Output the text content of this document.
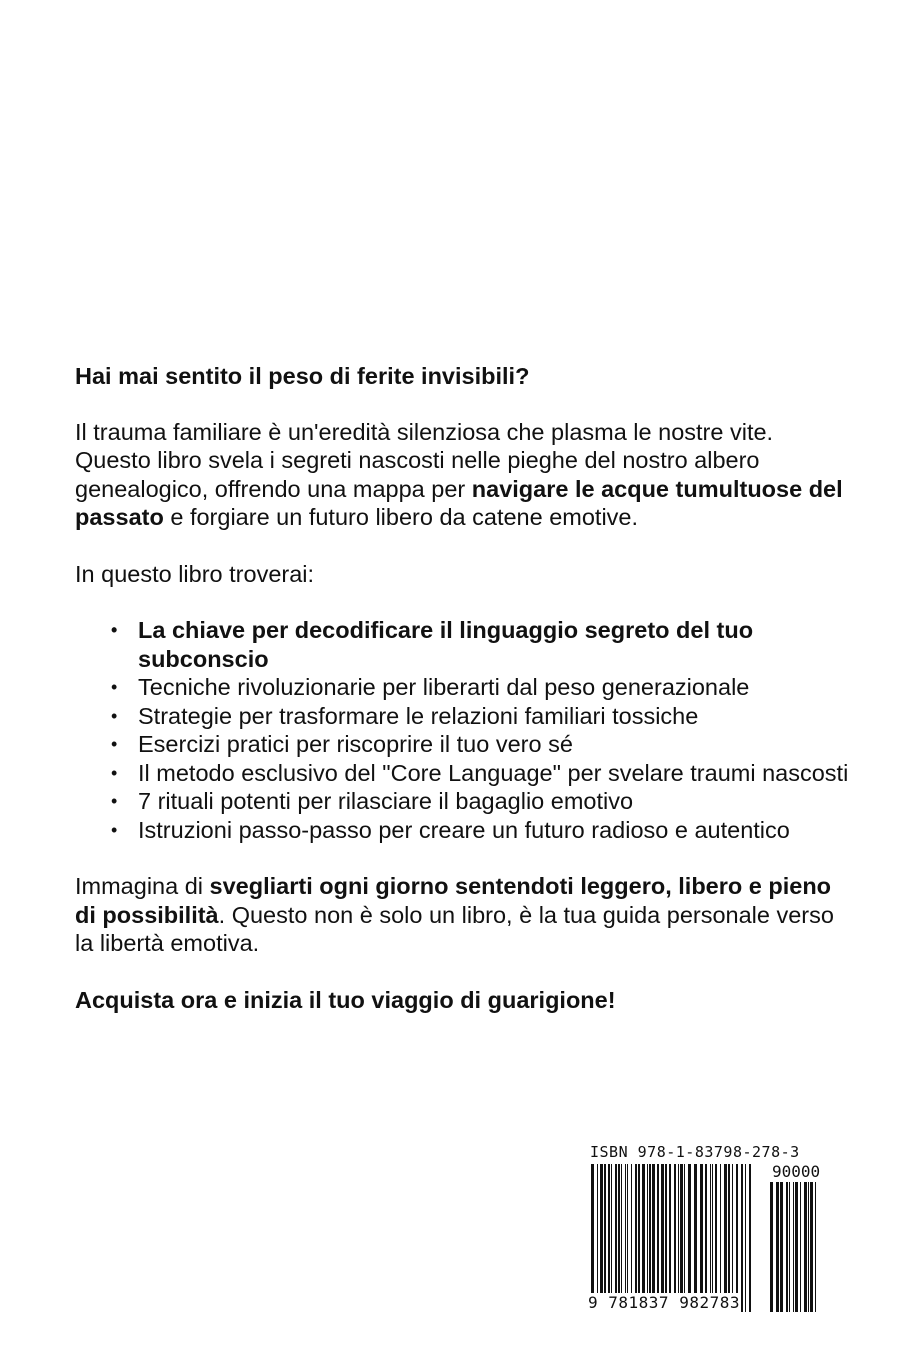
Hai mai sentito il peso di ferite invisibili?

Il trauma familiare è un'eredità silenziosa che plasma le nostre vite. Questo libro svela i segreti nascosti nelle pieghe del nostro albero genealogico, offrendo una mappa per navigare le acque tumultuose del passato e forgiare un futuro libero da catene emotive.

In questo libro troverai:

• La chiave per decodificare il linguaggio segreto del tuo subconscio
• Tecniche rivoluzionarie per liberarti dal peso generazionale
• Strategie per trasformare le relazioni familiari tossiche
• Esercizi pratici per riscoprire il tuo vero sé
• Il metodo esclusivo del "Core Language" per svelare traumi nascosti
• 7 rituali potenti per rilasciare il bagaglio emotivo
• Istruzioni passo-passo per creare un futuro radioso e autentico

Immagina di svegliarti ogni giorno sentendoti leggero, libero e pieno di possibilità. Questo non è solo un libro, è la tua guida personale verso la libertà emotiva.

Acquista ora e inizia il tuo viaggio di guarigione!

ISBN 978-1-83798-278-3
90000
9 781837 982783
